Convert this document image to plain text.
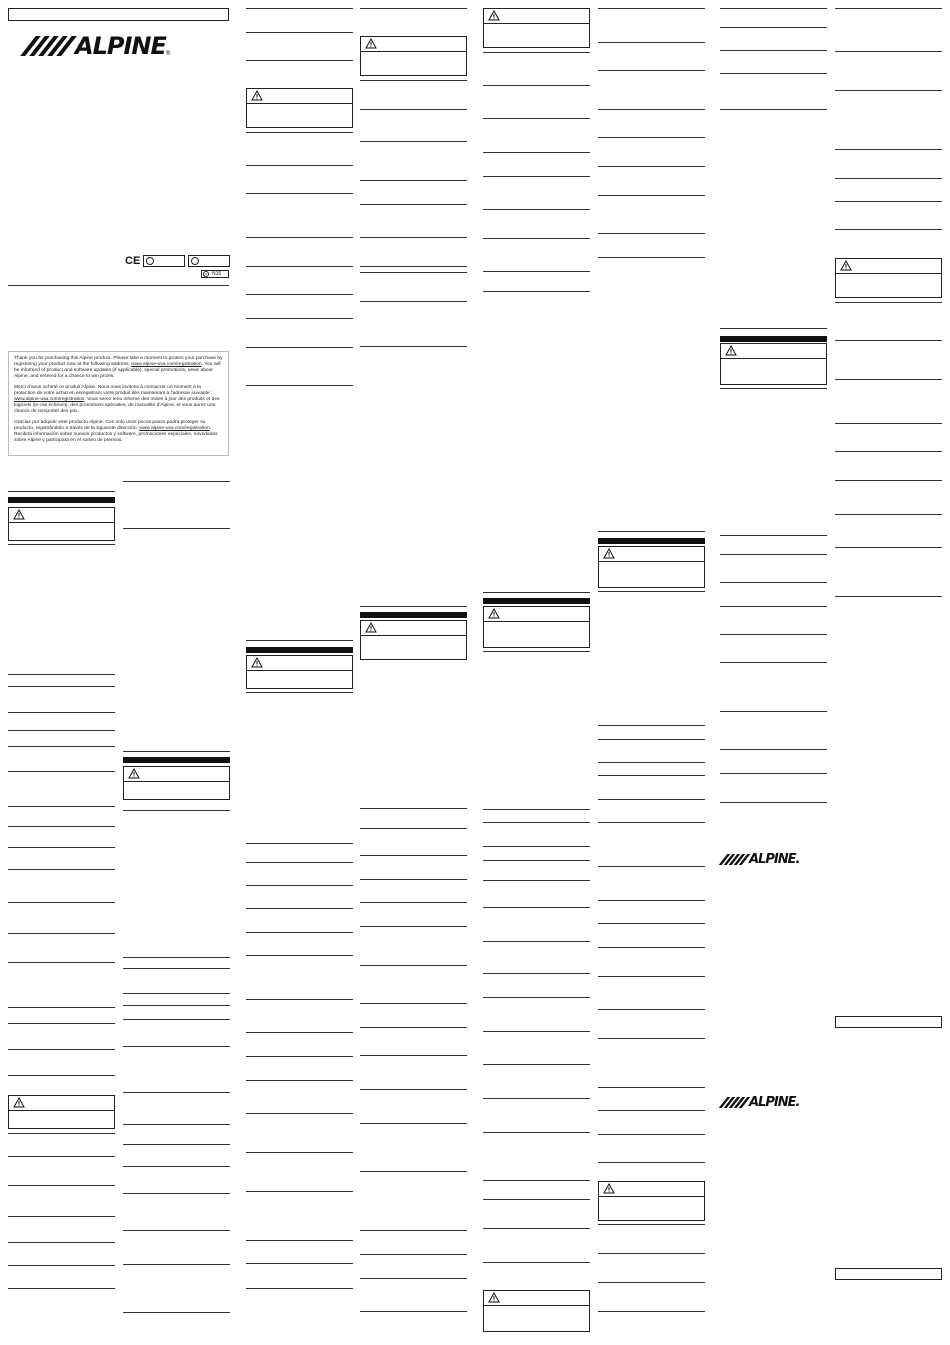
ALPINE ®
CE
c	N16

Thank you for purchasing this Alpine product. Please take a moment to protect your purchase by registering your product now at the following address: www.alpine-usa.com/registration. You will be informed of product and software updates (if applicable), special promotions, news about Alpine, and entered for a chance to win prizes.

Merci d'avoir acheté ce produit Alpine. Nous vous invitons à consacrer un moment à la protection de votre achat en enregistrant votre produit dès maintenant à l'adresse suivante : www.alpine-usa.com/registration. Vous serez tenu informé des mises à jour des produits et des logiciels (le cas échéant), des promotions spéciales, de l'actualité d'Alpine, et vous aurez une chance de remporter des prix.

Gracias por adquirir este producto Alpine. Con solo unos pocos pasos podrá proteger su producto, registrándolo a través de la siguiente dirección: www.alpine-usa.com/registration. Recibirá información sobre nuevos productos y software, promociones especiales, novedades sobre Alpine y participará en el sorteo de premios.

ALPINE.
ALPINE.
